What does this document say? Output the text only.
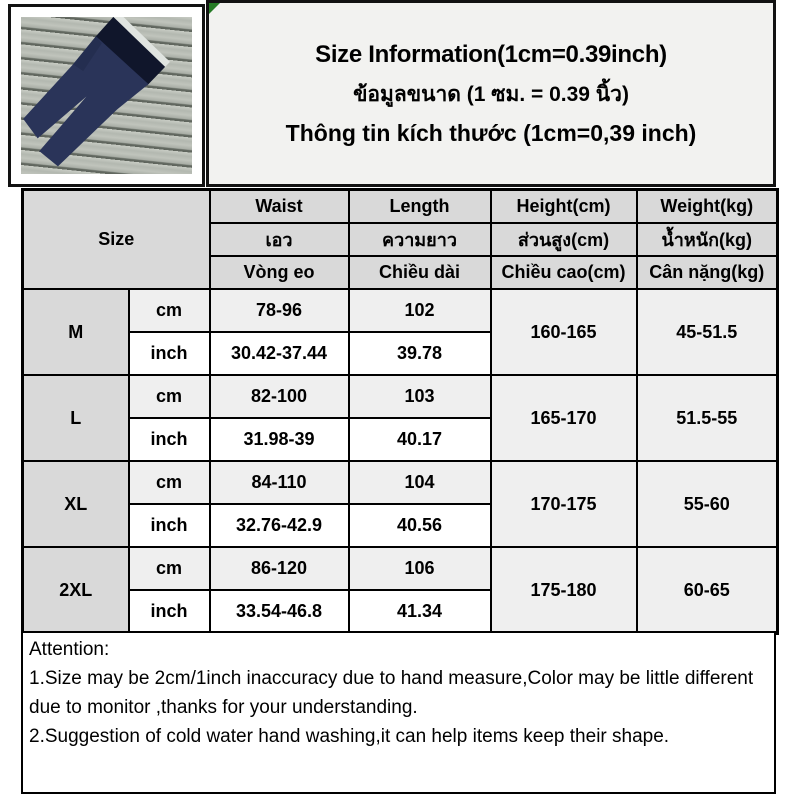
Size Information(1cm=0.39inch)
ข้อมูลขนาด (1 ซม. = 0.39 นิ้ว)
Thông tin kích thước (1cm=0,39 inch)
Size		Waist	Length	Height(cm)	Weight(kg)
		เอว	ความยาว	ส่วนสูง(cm)	น้ำหนัก(kg)
		Vòng eo	Chiều dài	Chiều cao(cm)	Cân nặng(kg)
M	cm	78-96	102	160-165	45-51.5
	inch	30.42-37.44	39.78		
L	cm	82-100	103	165-170	51.5-55
	inch	31.98-39	40.17		
XL	cm	84-110	104	170-175	55-60
	inch	32.76-42.9	40.56		
2XL	cm	86-120	106	175-180	60-65
	inch	33.54-46.8	41.34		
Attention:
1.Size may be 2cm/1inch inaccuracy due to hand measure,Color may be little different due to monitor ,thanks for your understanding.
2.Suggestion of cold water hand washing,it can help items keep their shape.
